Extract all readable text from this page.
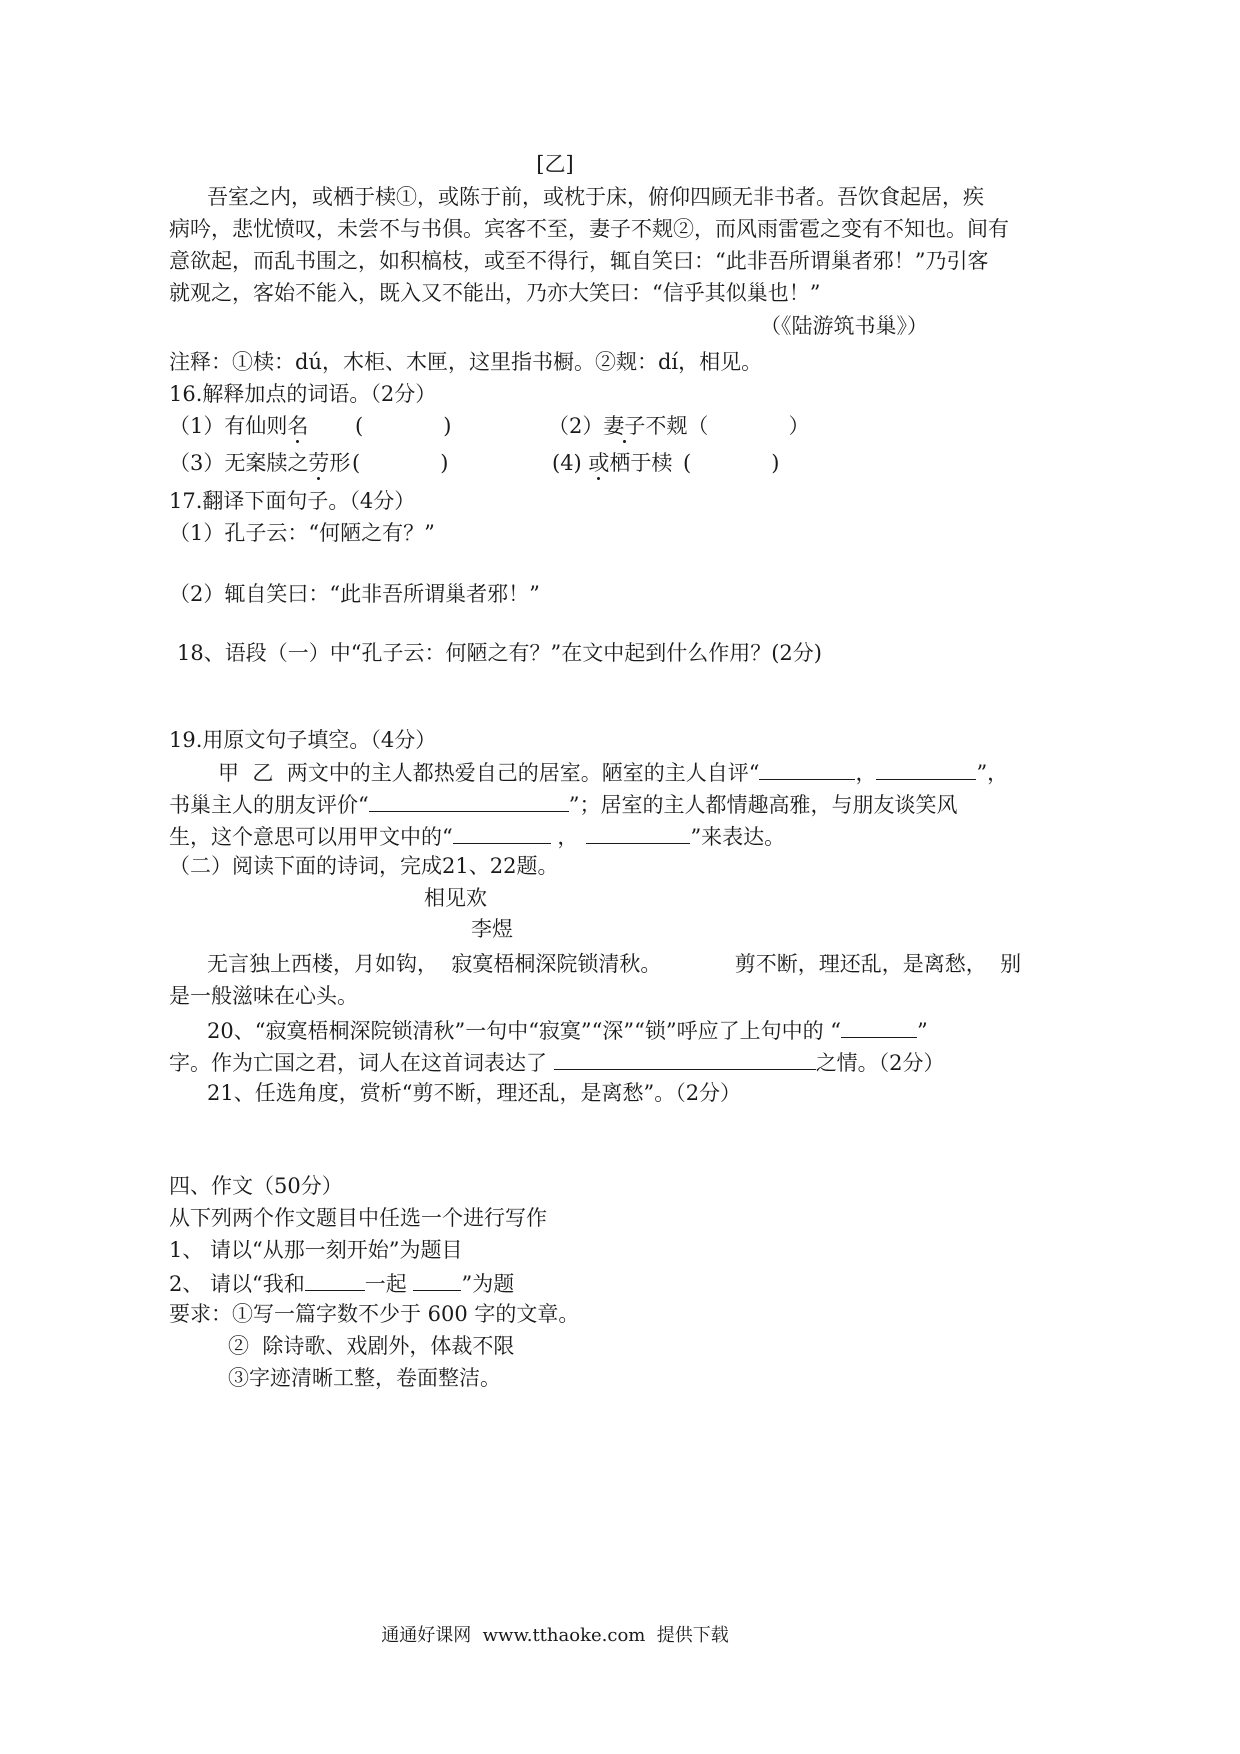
[乙]
吾室之内，或栖于椟①，或陈于前，或枕于床，俯仰四顾无非书者。吾饮食起居，疾
病吟，悲忧愤叹，未尝不与书俱。宾客不至，妻子不觌②，而风雨雷雹之变有不知也。间有
意欲起，而乱书围之，如积槁枝，或至不得行，辄自笑曰：“此非吾所谓巢者邪！”乃引客
就观之，客始不能入，既入又不能出，乃亦大笑曰：“信乎其似巢也！”
（《陆游筑书巢》）
注释：①椟：dú，木柜、木匣，这里指书橱。②觌：dí，相见。
16.解释加点的词语。（2分）
（1）有仙则名 (            )	（2）妻子不觌（            ）
（3）无案牍之劳形 (            )	(4) 或栖于椟 (            )
17.翻译下面句子。（4分）
（1）孔子云：“何陋之有？”
（2）辄自笑曰：“此非吾所谓巢者邪！”
18、语段（一）中“孔子云：何陋之有？”在文中起到什么作用？(2分)
19.用原文句子填空。（4分）
甲  乙  两文中的主人都热爱自己的居室。陋室的主人自评“	，	”，
书巢主人的朋友评价“	”；居室的主人都情趣高雅，与朋友谈笑风
生，这个意思可以用甲文中的“	，	”来表达。
（二）阅读下面的诗词，完成21、22题。
相见欢
李煜
无言独上西楼，月如钩，  寂寞梧桐深院锁清秋。           剪不断，理还乱，是离愁，  别
是一般滋味在心头。
20、“寂寞梧桐深院锁清秋”一句中“寂寞”“深”“锁”呼应了上句中的 “	”
字。作为亡国之君，词人在这首词表达了	之情。（2分）
21、任选角度，赏析“剪不断，理还乱，是离愁”。（2分）
四、作文（50分）
从下列两个作文题目中任选一个进行写作
1、 请以“从那一刻开始”为题目
2、 请以“我和	一起 ”为题
要求：①写一篇字数不少于 600 字的文章。
②  除诗歌、戏剧外，体裁不限
③字迹清晰工整，卷面整洁。
通通好课网  www.tthaoke.com  提供下载
